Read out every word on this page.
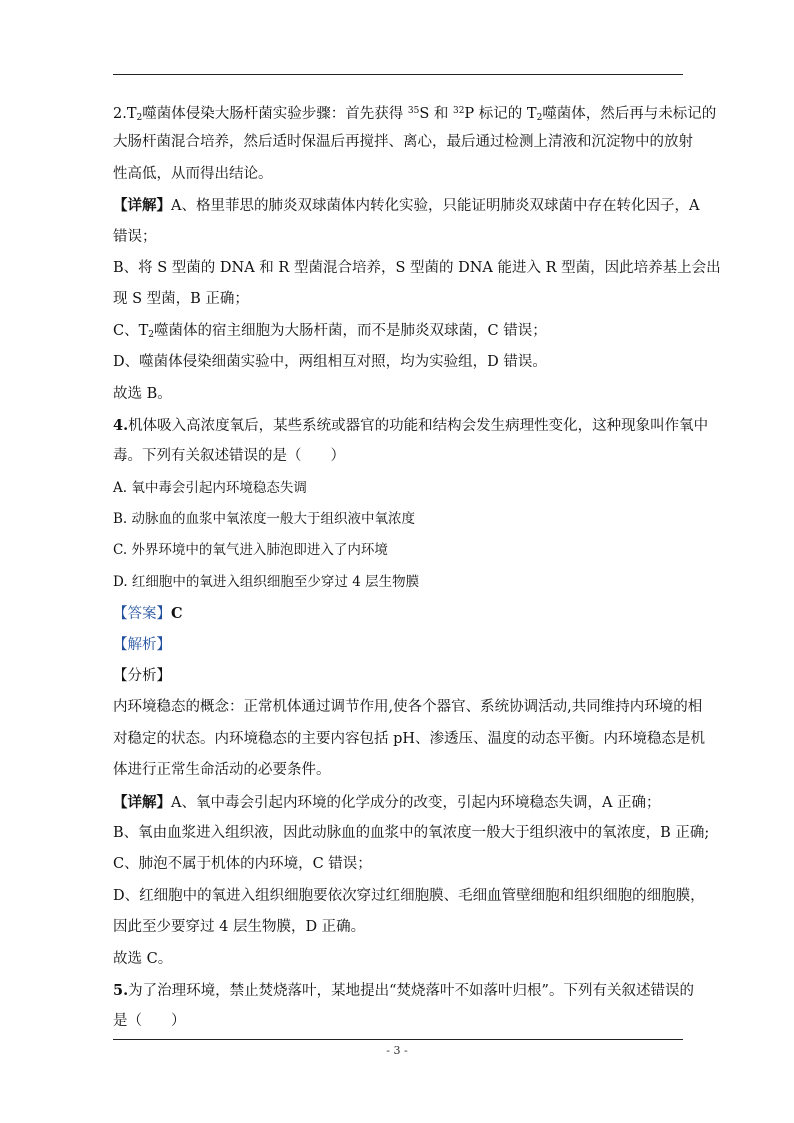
$2.T_2$噬菌体侵染大肠杆菌实验步骤：首先获得 $^{35}$S 和 $^{32}$P 标记的 $T_2$噬菌体，然后再与未标记的
大肠杆菌混合培养，然后适时保温后再搅拌、离心，最后通过检测上清液和沉淀物中的放射
性高低，从而得出结论。
【详解】A、格里菲思的肺炎双球菌体内转化实验，只能证明肺炎双球菌中存在转化因子，A
错误；
B、将 S 型菌的 DNA 和 R 型菌混合培养，S 型菌的 DNA 能进入 R 型菌，因此培养基上会出
现 S 型菌，B 正确；
C、$T_2$噬菌体的宿主细胞为大肠杆菌，而不是肺炎双球菌，C 错误；
D、噬菌体侵染细菌实验中，两组相互对照，均为实验组，D 错误。
故选 B。
4.机体吸入高浓度氧后，某些系统或器官的功能和结构会发生病理性变化，这种现象叫作氧中
毒。下列有关叙述错误的是（　　）
A. 氧中毒会引起内环境稳态失调
B. 动脉血的血浆中氧浓度一般大于组织液中氧浓度
C. 外界环境中的氧气进入肺泡即进入了内环境
D. 红细胞中的氧进入组织细胞至少穿过 4 层生物膜
【答案】C
【解析】
【分析】
内环境稳态的概念：正常机体通过调节作用,使各个器官、系统协调活动,共同维持内环境的相
对稳定的状态。内环境稳态的主要内容包括 pH、渗透压、温度的动态平衡。内环境稳态是机
体进行正常生命活动的必要条件。
【详解】A、氧中毒会引起内环境的化学成分的改变，引起内环境稳态失调，A 正确；
B、氧由血浆进入组织液，因此动脉血的血浆中的氧浓度一般大于组织液中的氧浓度，B 正确;
C、肺泡不属于机体的内环境，C 错误；
D、红细胞中的氧进入组织细胞要依次穿过红细胞膜、毛细血管壁细胞和组织细胞的细胞膜，
因此至少要穿过 4 层生物膜，D 正确。
故选 C。
5.为了治理环境，禁止焚烧落叶，某地提出“焚烧落叶不如落叶归根”。下列有关叙述错误的
是（　　）
- 3 -
